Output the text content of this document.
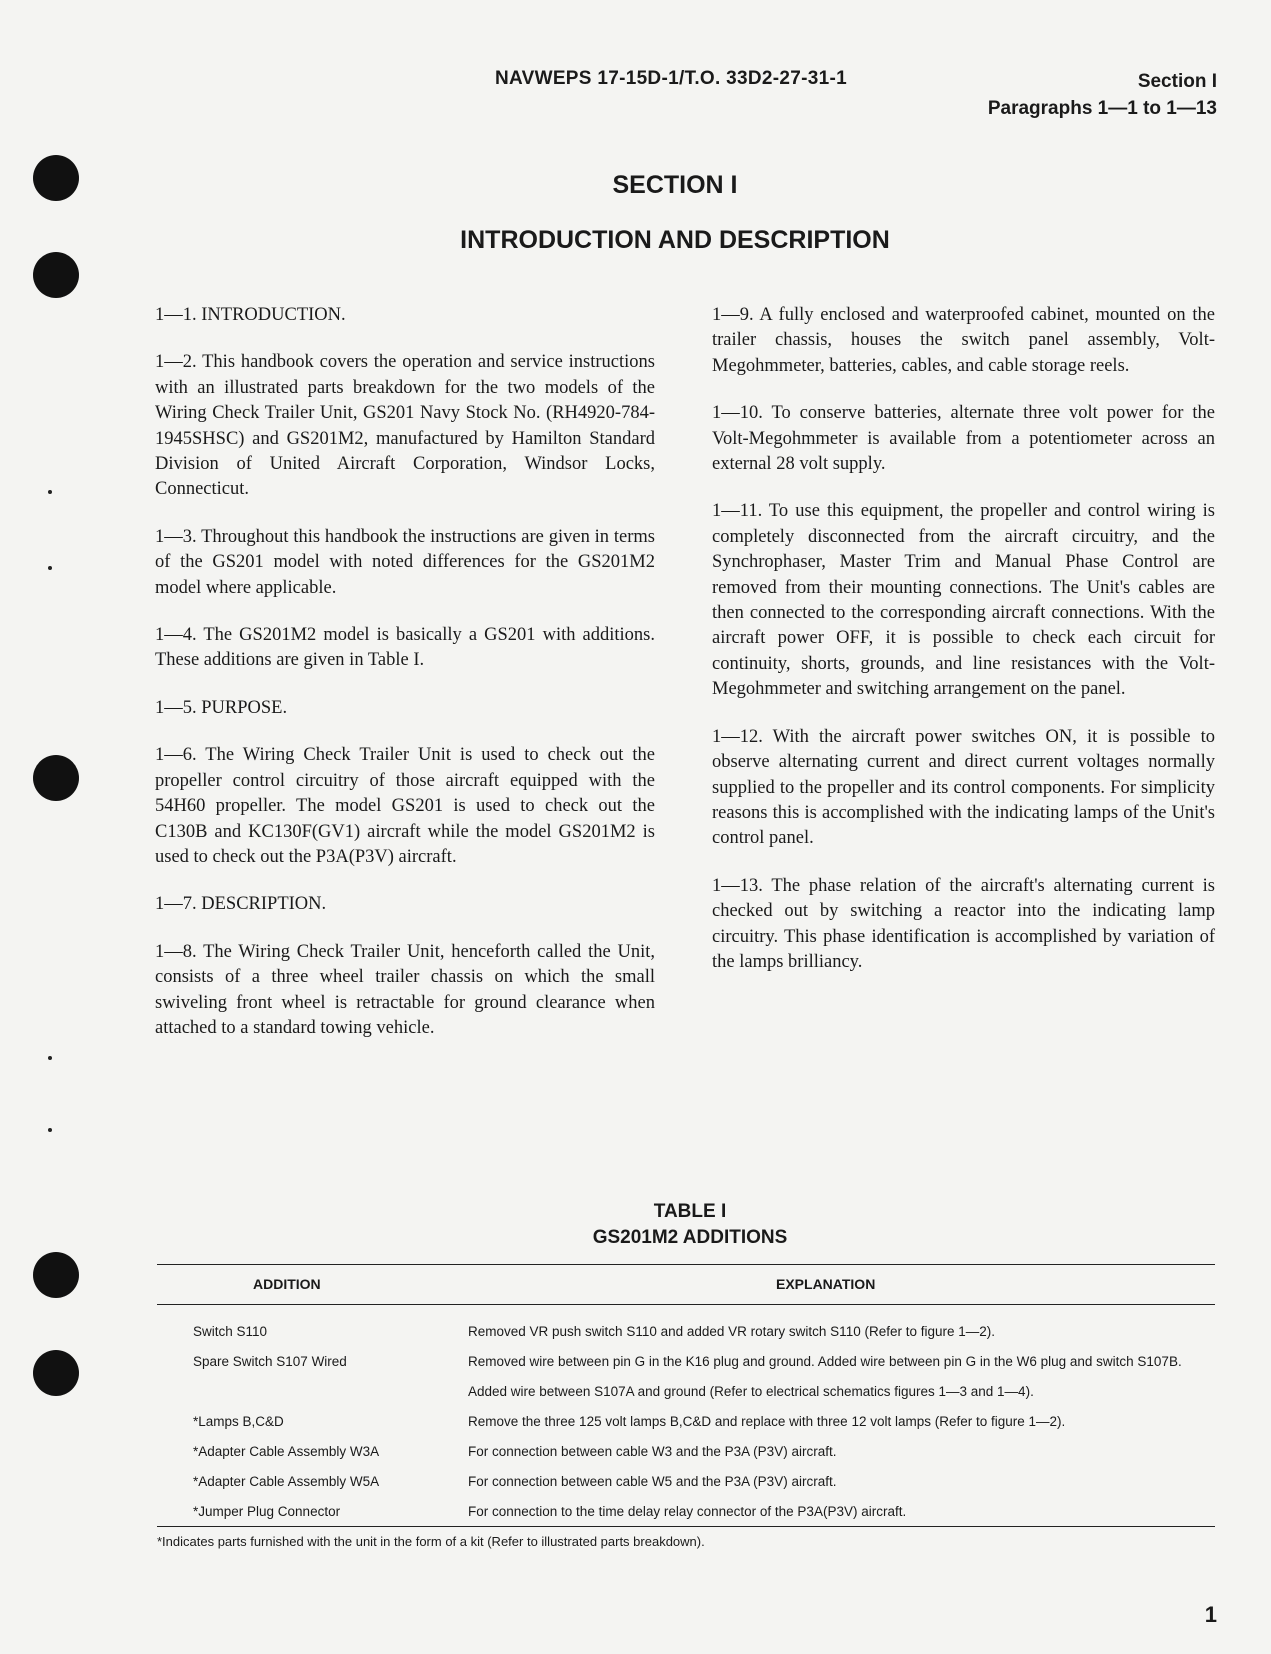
NAVWEPS 17-15D-1/T.O. 33D2-27-31-1	Section I
Paragraphs 1—1 to 1—13
SECTION I
INTRODUCTION AND DESCRIPTION

1—1. INTRODUCTION.

1—2. This handbook covers the operation and service instructions with an illustrated parts breakdown for the two models of the Wiring Check Trailer Unit, GS201 Navy Stock No. (RH4920-784-1945SHSC) and GS201M2, manufactured by Hamilton Standard Division of United Aircraft Corporation, Windsor Locks, Connecticut.

1—3. Throughout this handbook the instructions are given in terms of the GS201 model with noted differences for the GS201M2 model where applicable.

1—4. The GS201M2 model is basically a GS201 with additions. These additions are given in Table I.

1—5. PURPOSE.

1—6. The Wiring Check Trailer Unit is used to check out the propeller control circuitry of those aircraft equipped with the 54H60 propeller. The model GS201 is used to check out the C130B and KC130F(GV1) aircraft while the model GS201M2 is used to check out the P3A(P3V) aircraft.

1—7. DESCRIPTION.

1—8. The Wiring Check Trailer Unit, henceforth called the Unit, consists of a three wheel trailer chassis on which the small swiveling front wheel is retractable for ground clearance when attached to a standard towing vehicle.

1—9. A fully enclosed and waterproofed cabinet, mounted on the trailer chassis, houses the switch panel assembly, Volt-Megohmmeter, batteries, cables, and cable storage reels.

1—10. To conserve batteries, alternate three volt power for the Volt-Megohmmeter is available from a potentiometer across an external 28 volt supply.

1—11. To use this equipment, the propeller and control wiring is completely disconnected from the aircraft circuitry, and the Synchrophaser, Master Trim and Manual Phase Control are removed from their mounting connections. The Unit's cables are then connected to the corresponding aircraft connections. With the aircraft power OFF, it is possible to check each circuit for continuity, shorts, grounds, and line resistances with the Volt-Megohmmeter and switching arrangement on the panel.

1—12. With the aircraft power switches ON, it is possible to observe alternating current and direct current voltages normally supplied to the propeller and its control components. For simplicity reasons this is accomplished with the indicating lamps of the Unit's control panel.

1—13. The phase relation of the aircraft's alternating current is checked out by switching a reactor into the indicating lamp circuitry. This phase identification is accomplished by variation of the lamps brilliancy.

TABLE I
GS201M2 ADDITIONS
ADDITION	EXPLANATION
Switch S110	Removed VR push switch S110 and added VR rotary switch S110 (Refer to figure 1—2).
Spare Switch S107 Wired	Removed wire between pin G in the K16 plug and ground. Added wire between pin G in the W6 plug and switch S107B. Added wire between S107A and ground (Refer to electrical schematics figures 1—3 and 1—4).
*Lamps B,C&D	Remove the three 125 volt lamps B,C&D and replace with three 12 volt lamps (Refer to figure 1—2).
*Adapter Cable Assembly W3A	For connection between cable W3 and the P3A (P3V) aircraft.
*Adapter Cable Assembly W5A	For connection between cable W5 and the P3A (P3V) aircraft.
*Jumper Plug Connector	For connection to the time delay relay connector of the P3A(P3V) aircraft.
*Indicates parts furnished with the unit in the form of a kit (Refer to illustrated parts breakdown).
1
